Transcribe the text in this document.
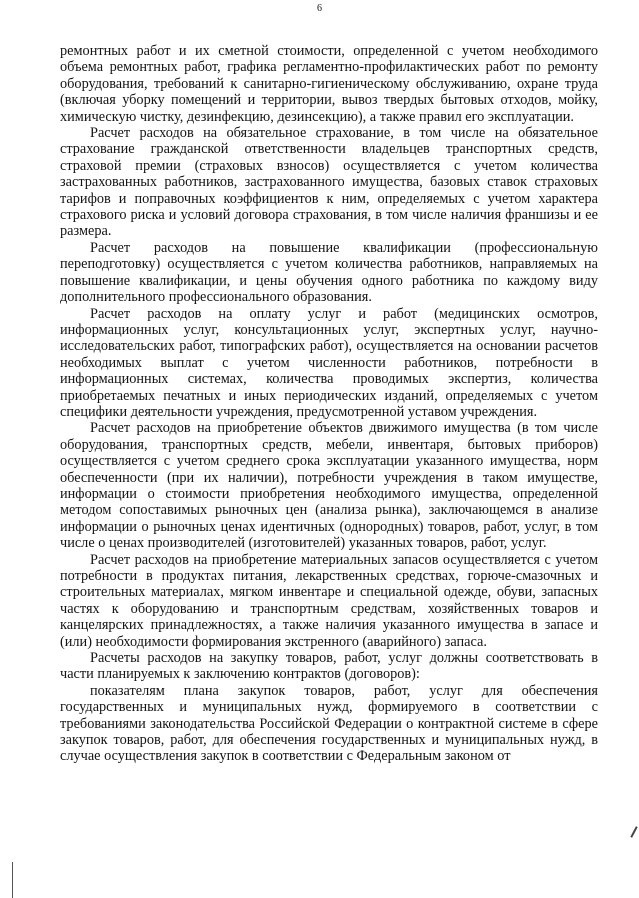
6

ремонтных работ и их сметной стоимости, определенной с учетом необходимого объема ремонтных работ, графика регламентно-профилактических работ по ремонту оборудования, требований к санитарно-гигиеническому обслуживанию, охране труда (включая уборку помещений и территории, вывоз твердых бытовых отходов, мойку, химическую чистку, дезинфекцию, дезинсекцию), а также правил его эксплуатации.

Расчет расходов на обязательное страхование, в том числе на обязательное страхование гражданской ответственности владельцев транспортных средств, страховой премии (страховых взносов) осуществляется с учетом количества застрахованных работников, застрахованного имущества, базовых ставок страховых тарифов и поправочных коэффициентов к ним, определяемых с учетом характера страхового риска и условий договора страхования, в том числе наличия франшизы и ее размера.

Расчет расходов на повышение квалификации (профессиональную переподготовку) осуществляется с учетом количества работников, направляемых на повышение квалификации, и цены обучения одного работника по каждому виду дополнительного профессионального образования.

Расчет расходов на оплату услуг и работ (медицинских осмотров, информационных услуг, консультационных услуг, экспертных услуг, научно-исследовательских работ, типографских работ), осуществляется на основании расчетов необходимых выплат с учетом численности работников, потребности в информационных системах, количества проводимых экспертиз, количества приобретаемых печатных и иных периодических изданий, определяемых с учетом специфики деятельности учреждения, предусмотренной уставом учреждения.

Расчет расходов на приобретение объектов движимого имущества (в том числе оборудования, транспортных средств, мебели, инвентаря, бытовых приборов) осуществляется с учетом среднего срока эксплуатации указанного имущества, норм обеспеченности (при их наличии), потребности учреждения в таком имуществе, информации о стоимости приобретения необходимого имущества, определенной методом сопоставимых рыночных цен (анализа рынка), заключающемся в анализе информации о рыночных ценах идентичных (однородных) товаров, работ, услуг, в том числе о ценах производителей (изготовителей) указанных товаров, работ, услуг.

Расчет расходов на приобретение материальных запасов осуществляется с учетом потребности в продуктах питания, лекарственных средствах, горюче-смазочных и строительных материалах, мягком инвентаре и специальной одежде, обуви, запасных частях к оборудованию и транспортным средствам, хозяйственных товаров и канцелярских принадлежностях, а также наличия указанного имущества в запасе и (или) необходимости формирования экстренного (аварийного) запаса.

Расчеты расходов на закупку товаров, работ, услуг должны соответствовать в части планируемых к заключению контрактов (договоров):

показателям плана закупок товаров, работ, услуг для обеспечения государственных и муниципальных нужд, формируемого в соответствии с требованиями законодательства Российской Федерации о контрактной системе в сфере закупок товаров, работ, для обеспечения государственных и муниципальных нужд, в случае осуществления закупок в соответствии с Федеральным законом от
